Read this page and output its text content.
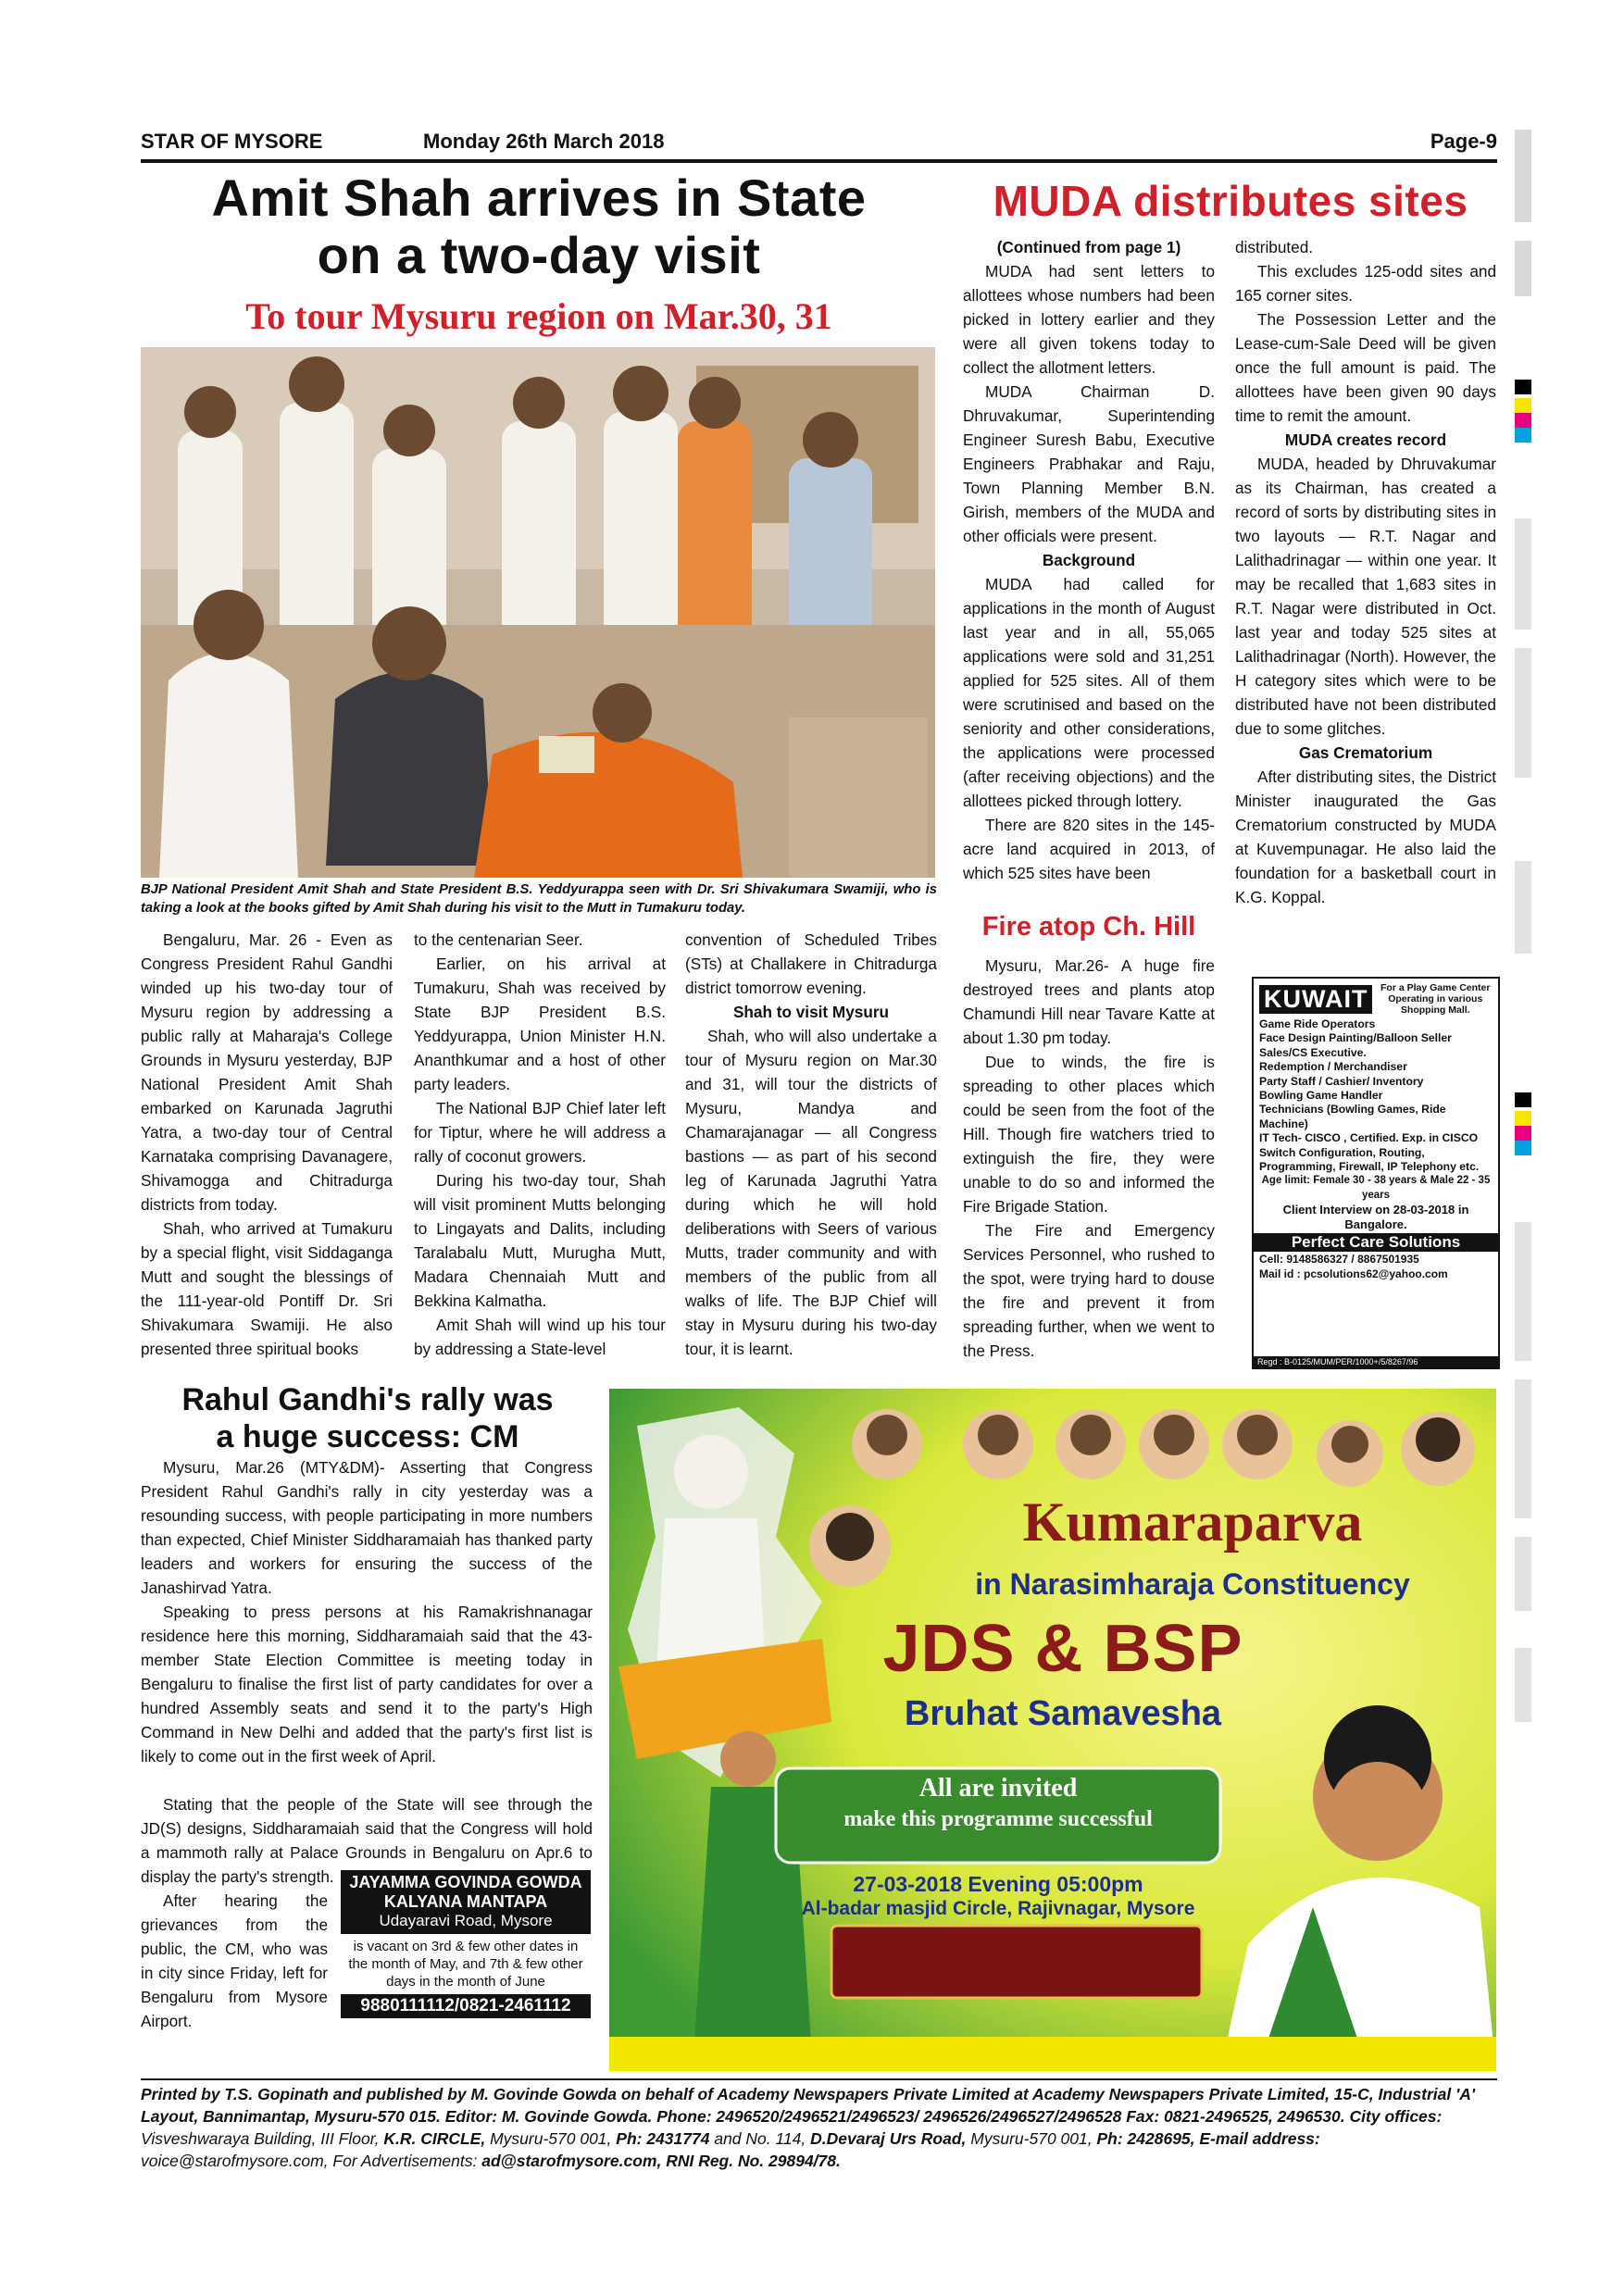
STAR OF MYSORE	Monday 26th March 2018	Page-9
Amit Shah arrives in State
on a two-day visit
To tour Mysuru region on Mar.30, 31
BJP National President Amit Shah and State President B.S. Yeddyurappa seen with Dr. Sri Shivakumara Swamiji, who is taking a look at the books gifted by Amit Shah during his visit to the Mutt in Tumakuru today.

Bengaluru, Mar. 26 - Even as Congress President Rahul Gandhi winded up his two-day tour of Mysuru region by addressing a public rally at Maharaja's College Grounds in Mysuru yesterday, BJP National President Amit Shah embarked on Karunada Jagruthi Yatra, a two-day tour of Central Karnataka comprising Davanagere, Shivamogga and Chitradurga districts from today.

Shah, who arrived at Tumakuru by a special flight, visit Siddaganga Mutt and sought the blessings of the 111-year-old Pontiff Dr. Sri Shivakumara Swamiji. He also presented three spiritual books

to the centenarian Seer.

Earlier, on his arrival at Tumakuru, Shah was received by State BJP President B.S. Yeddyurappa, Union Minister H.N. Ananthkumar and a host of other party leaders.

The National BJP Chief later left for Tiptur, where he will address a rally of coconut growers.

During his two-day tour, Shah will visit prominent Mutts belonging to Lingayats and Dalits, including Taralabalu Mutt, Murugha Mutt, Madara Chennaiah Mutt and Bekkina Kalmatha.

Amit Shah will wind up his tour by addressing a State-level

convention of Scheduled Tribes (STs) at Challakere in Chitradurga district tomorrow evening.

Shah to visit Mysuru

Shah, who will also undertake a tour of Mysuru region on Mar.30 and 31, will tour the districts of Mysuru, Mandya and Chamarajanagar — all Congress bastions — as part of his second leg of Karunada Jagruthi Yatra during which he will hold deliberations with Seers of various Mutts, trader community and with members of the public from all walks of life. The BJP Chief will stay in Mysuru during his two-day tour, it is learnt.

MUDA distributes sites

(Continued from page 1)

MUDA had sent letters to allottees whose numbers had been picked in lottery earlier and they were all given tokens today to collect the allotment letters.

MUDA Chairman D. Dhruvakumar, Superintending Engineer Suresh Babu, Executive Engineers Prabhakar and Raju, Town Planning Member B.N. Girish, members of the MUDA and other officials were present.

Background

MUDA had called for applications in the month of August last year and in all, 55,065 applications were sold and 31,251 applied for 525 sites. All of them were scrutinised and based on the seniority and other considerations, the applications were processed (after receiving objections) and the allottees picked through lottery.

There are 820 sites in the 145-acre land acquired in 2013, of which 525 sites have been

distributed.

This excludes 125-odd sites and 165 corner sites.

The Possession Letter and the Lease-cum-Sale Deed will be given once the full amount is paid. The allottees have been given 90 days time to remit the amount.

MUDA creates record

MUDA, headed by Dhruvakumar as its Chairman, has created a record of sorts by distributing sites in two layouts — R.T. Nagar and Lalithadrinagar — within one year. It may be recalled that 1,683 sites in R.T. Nagar were distributed in Oct. last year and today 525 sites at Lalithadrinagar (North). However, the H category sites which were to be distributed have not been distributed due to some glitches.

Gas Crematorium

After distributing sites, the District Minister inaugurated the Gas Crematorium constructed by MUDA at Kuvempunagar. He also laid the foundation for a basketball court in K.G. Koppal.

Fire atop Ch. Hill

Mysuru, Mar.26- A huge fire destroyed trees and plants atop Chamundi Hill near Tavare Katte at about 1.30 pm today.

Due to winds, the fire is spreading to other places which could be seen from the foot of the Hill. Though fire watchers tried to extinguish the fire, they were unable to do so and informed the Fire Brigade Station.

The Fire and Emergency Services Personnel, who rushed to the spot, were trying hard to douse the fire and prevent it from spreading further, when we went to the Press.

KUWAIT	For a Play Game Center Operating in various Shopping Mall.
Game Ride Operators
Face Design Painting/Balloon Seller
Sales/CS Executive.
Redemption / Merchandiser
Party Staff / Cashier/ Inventory
Bowling Game Handler
Technicians (Bowling Games, Ride Machine)
IT Tech- CISCO , Certified. Exp. in CISCO Switch Configuration, Routing, Programming, Firewall, IP Telephony etc.
Age limit: Female 30 - 38 years & Male 22 - 35 years
Client Interview on 28-03-2018 in Bangalore.
Perfect Care Solutions
Cell: 9148586327 / 8867501935
Mail id : pcsolutions62@yahoo.com
Regd : B-0125/MUM/PER/1000+/5/8267/96
Rahul Gandhi's rally was
a huge success: CM

Mysuru, Mar.26 (MTY&DM)- Asserting that Congress President Rahul Gandhi's rally in city yesterday was a resounding success, with people participating in more numbers than expected, Chief Minister Siddharamaiah has thanked party leaders and workers for ensuring the success of the Janashirvad Yatra.

Speaking to press persons at his Ramakrishnanagar residence here this morning, Siddharamaiah said that the 43-member State Election Committee is meeting today in Bengaluru to finalise the first list of party candidates for over a hundred Assembly seats and send it to the party's High Command in New Delhi and added that the party's first list is likely to come out in the first week of April.

Stating that the people of the State will see through the JD(S) designs, Siddharamaiah said that the Congress will hold a mammoth rally at Palace Grounds in Bengaluru on Apr.6 to display the party's strength.

After hearing the grievances from the public, the CM, who was in city since Friday, left for Bengaluru from Mysore Airport.

JAYAMMA GOVINDA GOWDA
KALYANA MANTAPA
Udayaravi Road, Mysore
is vacant on 3rd & few other dates in the month of May, and 7th & few other days in the month of June
9880111112/0821-2461112
Kumaraparva
in Narasimharaja Constituency
JDS & BSP
Bruhat Samavesha
All are invited
make this programme successful
27-03-2018 Evening 05:00pm
Al-badar masjid Circle, Rajivnagar, Mysore
Printed by T.S. Gopinath and published by M. Govinde Gowda on behalf of Academy Newspapers Private Limited at Academy Newspapers Private Limited, 15-C, Industrial 'A' Layout, Bannimantap, Mysuru-570 015. Editor: M. Govinde Gowda. Phone: 2496520/2496521/2496523/ 2496526/2496527/2496528 Fax: 0821-2496525, 2496530. City offices: Visveshwaraya Building, III Floor, K.R. CIRCLE, Mysuru-570 001, Ph: 2431774 and No. 114, D.Devaraj Urs Road, Mysuru-570 001, Ph: 2428695, E-mail address: voice@starofmysore.com, For Advertisements: ad@starofmysore.com, RNI Reg. No. 29894/78.
